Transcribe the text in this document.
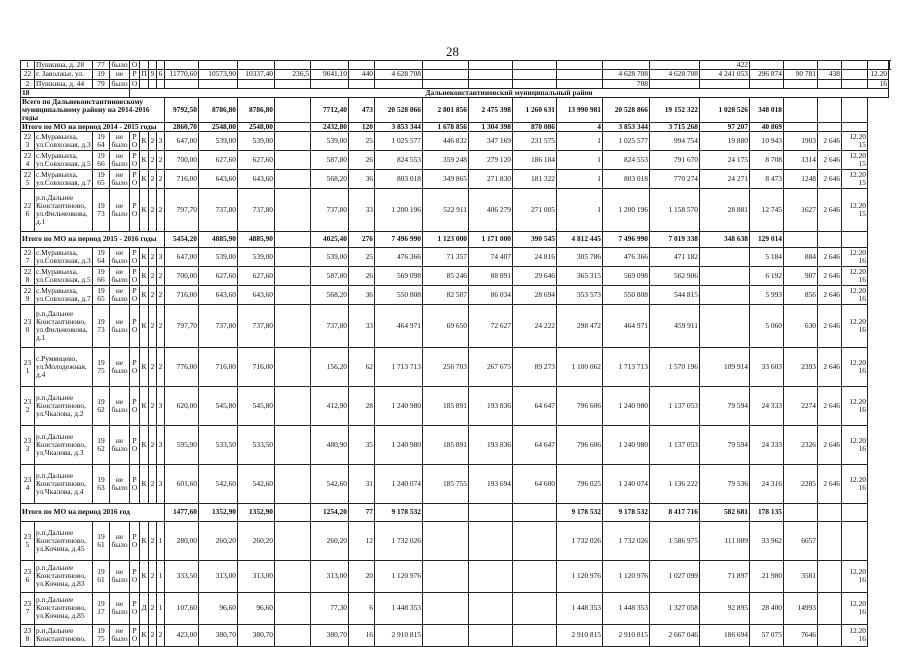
28
1	Пушкина, д. 28	77	было	О																	422							
22	г. Заволжье, ул.	19	не	Р	П	9	6	11770,60	10573,90	10337,40	236,5	9641,10	440	4 628 708					4 628 708	4 628 708	4 241 053	296 874	90 781	438		12.20	
2	Пушкина, д. 44	79	было	О															708							16	
18				Дальнеконстантиновский муниципальный район																							
Всего по Дальнеконстантиновскому муниципальному району на 2014-2016 годы								9792,50	8786,80	8786,80		7712,40	473	20 528 866	2 801 856	2 475 398	1 260 631	13 990 981	20 528 866	19 152 322	1 028 526	348 018					
Итого по МО на период 2014 - 2015 годы								2860,70	2548,00	2548,00		2432,80	120	3 853 344	1 678 856	1 304 398	870 086	4	3 853 344	3 715 268	97 207	40 869					
22 3	с.Муравьиха, ул.Совхозная, д.3	19 64	не было	Р О	К	2	3	647,00	539,00	539,00		539,00	25	1 025 577	446 832	347 169	231 575	1	1 025 577	994 754	19 880	10 943	1903	2 646	12.20 15		
22 4	с.Муравьиха, ул.Совхозная, д.5	19 66	не было	Р О	К	2	2	700,00	627,60	627,60		587,80	26	824 553	359 248	279 120	186 184	1	824 553	791 670	24 175	8 708	1314	2 646	12.20 15		
22 5	с.Муравьиха, ул.Совхозная, д.7	19 65	не было	Р О	К	2	2	716,00	643,60	643,60		568,20	36	803 018	349 865	271 830	181 322	1	803 018	770 274	24 271	8 473	1248	2 646	12.20 15		
22 6	р.п.Дальнее Константиново, ул.Фильченкова, д.1	19 73	не было	Р О	К	2	2	797,70	737,80	737,80		737,80	33	1 200 196	522 911	406 279	271 005	1	1 200 196	1 158 570	28 881	12 745	1627	2 646	12.20 15		
Итого по МО на период 2015 - 2016 годы								5454,20	4885,90	4885,90		4025,40	276	7 496 990	1 123 000	1 171 000	390 545	4 812 445	7 496 990	7 019 338	348 638	129 014					
22 7	с.Муравьиха, ул.Совхозная, д.3	19 64	не было	Р О	К	2	3	647,00	539,00	539,00		539,00	25	476 366	71 357	74 407	24 816	305 786	476 366	471 182		5 184	884	2 646	12.20 16		
22 8	с.Муравьиха, ул.Совхозная, д.5	19 66	не было	Р О	К	2	2	700,00	627,60	627,60		587,80	26	569 098	85 246	88 891	29 646	365 315	569 098	562 906		6 192	907	2 646	12.20 16		
22 9	с.Муравьиха, ул.Совхозная, д.7	19 65	не было	Р О	К	2	2	716,00	643,60	643,60		568,20	36	550 808	82 507	86 034	28 694	353 573	550 808	544 815		5 993	856	2 646	12.20 16		
23 0	р.п.Дальнее Константиново, ул.Фильченкова, д.1	19 73	не было	Р О	К	2	2	797,70	737,80	737,80		737,80	33	464 971	69 650	72 627	24 222	298 472	464 971	459 911		5 060	630	2 646	12.20 16		
23 1	с.Румянцево, ул.Молодежная, д.4	19 75	не было	Р О	К	2	2	776,00	716,00	716,00		156,20	62	1 713 713	256 703	267 675	89 273	1 100 062	1 713 713	1 570 196	109 914	33 603	2393	2 646	12.20 16		
23 2	р.п.Дальнее Константиново, ул.Чкалова, д.2	19 62	не было	Р О	К	2	3	620,00	545,80	545,80		412,90	28	1 240 980	185 891	193 836	64 647	796 606	1 240 980	1 137 053	79 594	24 333	2274	2 646	12.20 16		
23 3	р.п.Дальнее Константиново, ул.Чкалова, д.3	19 62	не было	Р О	К	2	3	595,90	533,50	533,50		480,90	35	1 240 980	185 891	193 836	64 647	796 606	1 240 980	1 137 053	79 594	24 333	2326	2 646	12.20 16		
23 4	р.п.Дальнее Константиново, ул.Чкалова, д.4	19 63	не было	Р О	К	2	3	601,60	542,60	542,60		542,60	31	1 240 074	185 755	193 694	64 600	796 025	1 240 074	1 136 222	79 536	24 316	2285	2 646	12.20 16		
Итого по МО на период 2016 год								1477,60	1352,90	1352,90		1254,20	77	9 178 532				9 178 532	9 178 532	8 417 716	582 681	178 135					
23 5	р.п.Дальнее Константиново, ул.Кочина, д.45	19 61	не было	Р О	К	2	1	280,00	260,20	260,20		260,20	12	1 732 026				1 732 026	1 732 026	1 586 975	111 089	33 962	6657				
23 6	р.п.Дальнее Константиново, ул.Кочина, д.83	19 61	не было	Р О	К	2	1	333,50	313,00	313,00		313,00	20	1 120 976				1 120 976	1 120 976	1 027 099	71 897	21 980	3581		12.20 16		
23 7	р.п.Дальнее Константиново, ул.Кочина, д.85	19 17	не было	Р О	Д	2	1	107,60	96,60	96,60		77,30	6	1 448 353				1 448 353	1 448 353	1 327 058	92 895	28 400	14993		12.20 16		
23 8	р.п.Дальнее Константиново,	19 75	не было	Р О	К	2	2	423,00	380,70	380,70		380,70	16	2 910 815				2 910 815	2 910 815	2 667 046	186 694	57 075	7646		12.20 16		
